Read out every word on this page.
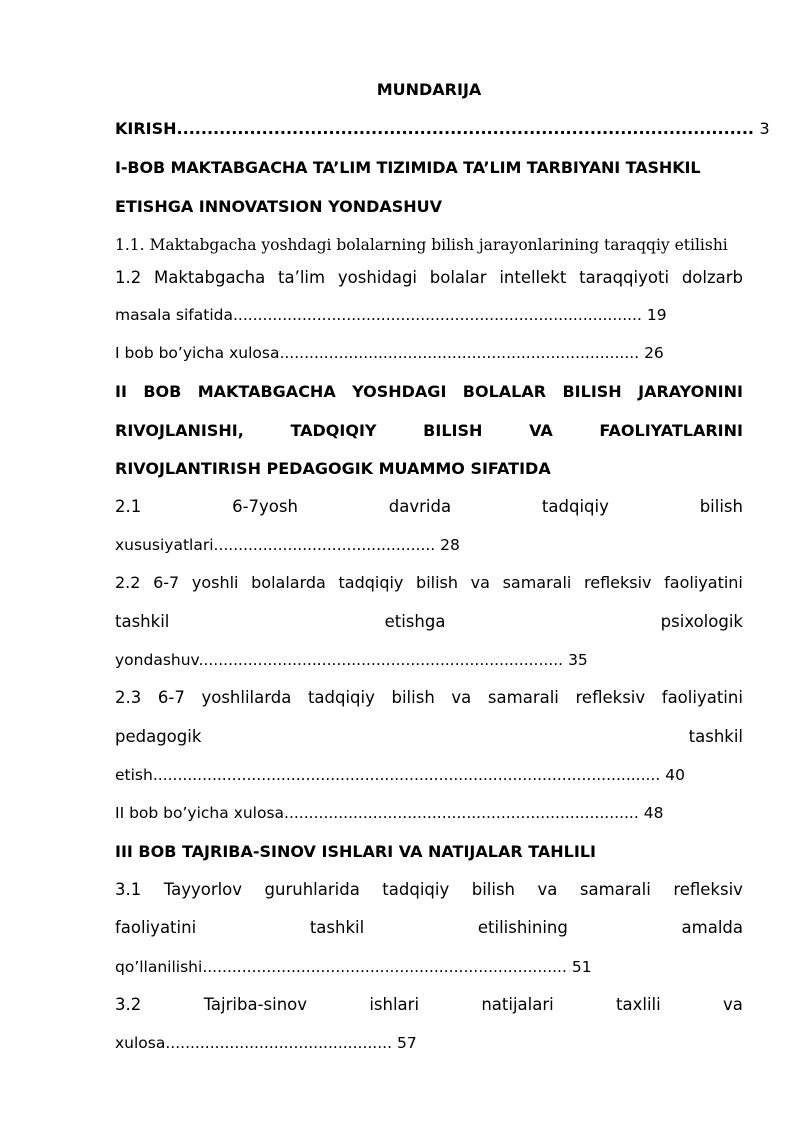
MUNDARIJA
KIRISH............................................................................................... 3
I-BOB MAKTABGACHA TA’LIM TIZIMIDA TA’LIM TARBIYANI TASHKIL
ETISHGA INNOVATSION YONDASHUV
1.1. Maktabgacha yoshdagi bolalarning bilish jarayonlarining taraqqiy etilishi
1.2 Maktabgacha ta’lim yoshidagi bolalar intellekt taraqqiyoti dolzarb
masala sifatida................................................................................... 19
I bob bo’yicha xulosa......................................................................... 26
II BOB MAKTABGACHA YOSHDAGI BOLALAR BILISH JARAYONINI
RIVOJLANISHI,	TADQIQIY	BILISH	VA	FAOLIYATLARINI
RIVOJLANTIRISH PEDAGOGIK MUAMMO SIFATIDA
2.1	6-7yosh	davrida	tadqiqiy	bilish
xususiyatlari............................................. 28
2.2 6-7 yoshli bolalarda tadqiqiy bilish va samarali refleksiv faoliyatini
tashkil	etishga	psixologik
yondashuv.......................................................................... 35
2.3 6-7 yoshlilarda tadqiqiy bilish va samarali refleksiv faoliyatini
pedagogik	tashkil
etish....................................................................................................... 40
II bob bo’yicha xulosa........................................................................ 48
III BOB TAJRIBA-SINOV ISHLARI VA NATIJALAR TAHLILI
3.1 Tayyorlov guruhlarida tadqiqiy bilish va samarali refleksiv
faoliyatini	tashkil	etilishining	amalda
qo’llanilishi.......................................................................... 51
3.2	Tajriba-sinov	ishlari	natijalari	taxlili	va
xulosa.............................................. 57
